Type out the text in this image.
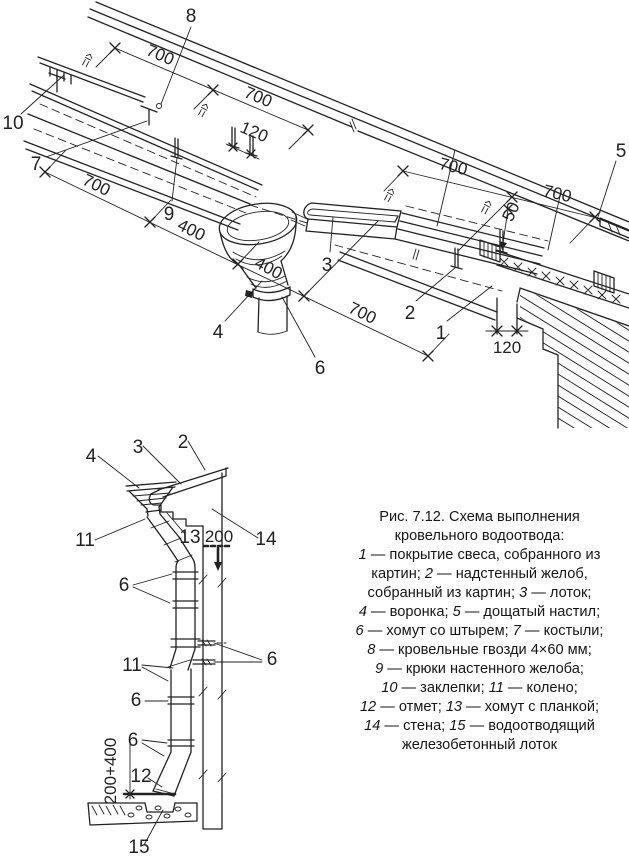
700
700
120
700
700
50
700
400
400
700
120
8
10
7
9
4
6
3
2
1
5
200
200+400
4 3 2
11	13	14
6
6
11
6
6
12
15
Рис. 7.12. Схема выполнения
кровельного водоотвода:
1 — покрытие свеса, собранного из
картин; 2 — надстенный желоб,
собранный из картин; 3 — лоток;
4 — воронка; 5 — дощатый настил;
6 — хомут со штырем; 7 — костыли;
8 — кровельные гвозди 4×60 мм;
9 — крюки настенного желоба;
10 — заклепки; 11 — колено;
12 — отмет; 13 — хомут с планкой;
14 — стена; 15 — водоотводящий
железобетонный лоток
